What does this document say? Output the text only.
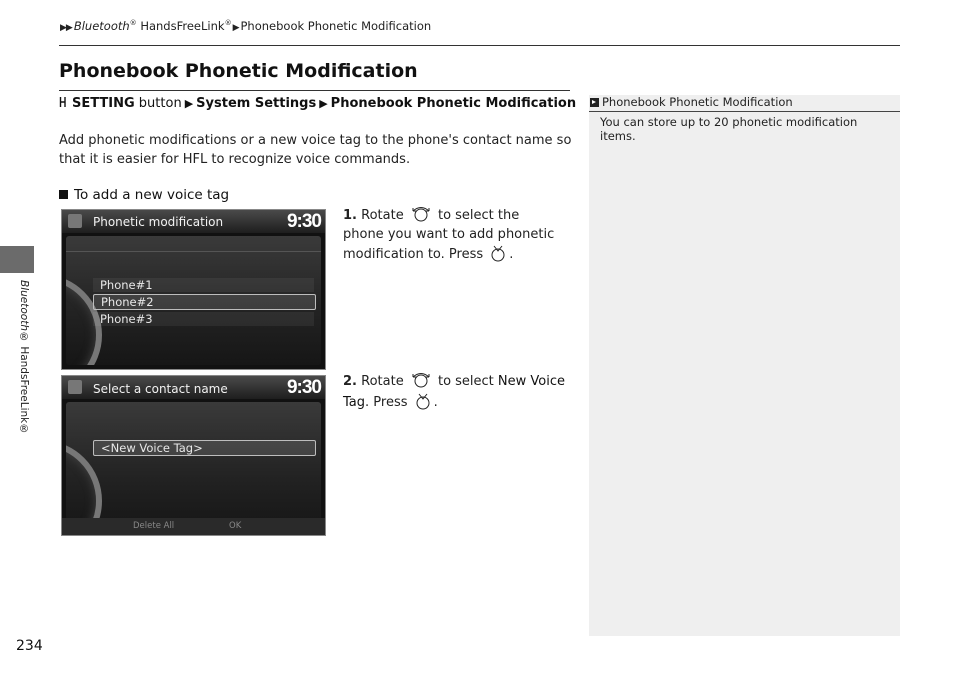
▶▶ Bluetooth® HandsFreeLink®▶ Phonebook Phonetic Modification
Bluetooth® HandsFreeLink®
234
Phonebook Phonetic Modification
SETTING button ▶ System Settings ▶ Phonebook Phonetic Modification
Add phonetic modifications or a new voice tag to the phone's contact name so that it is easier for HFL to recognize voice commands.
To add a new voice tag
Phonetic modification	9:30
Phone#1
Phone#2
Phone#3
1. Rotate	to select the phone you want to add phonetic modification to. Press .
Select a contact name	9:30
<New Voice Tag>
Delete All	OK
2. Rotate	to select New Voice Tag. Press .
Phonebook Phonetic Modification
You can store up to 20 phonetic modification items.
